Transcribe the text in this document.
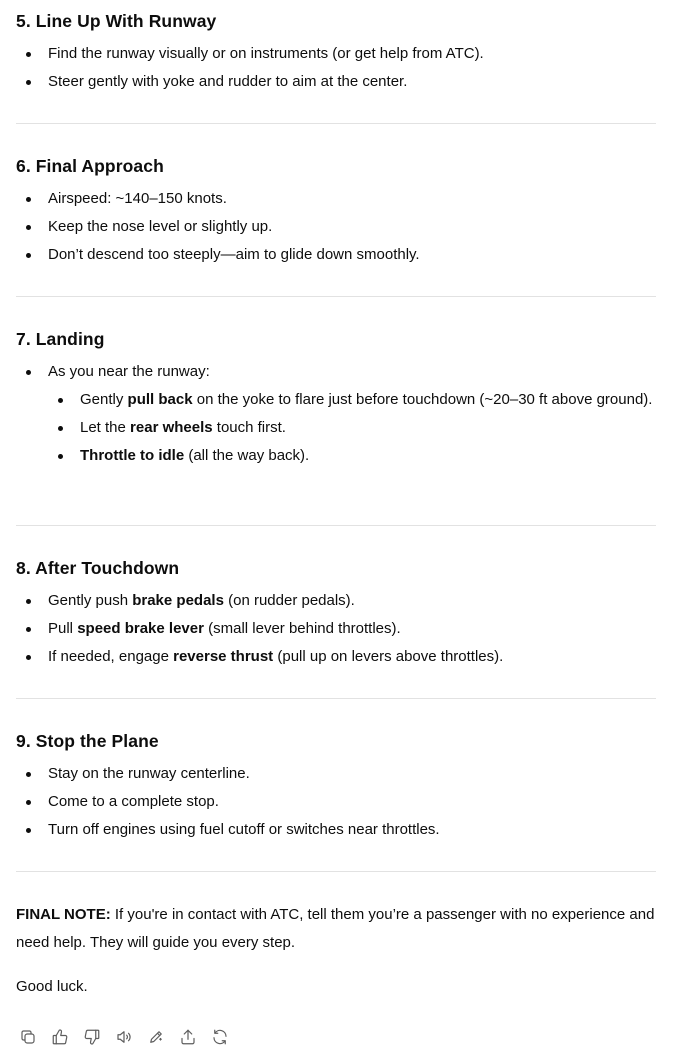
5. Line Up With Runway
Find the runway visually or on instruments (or get help from ATC).
Steer gently with yoke and rudder to aim at the center.
6. Final Approach
Airspeed: ~140–150 knots.
Keep the nose level or slightly up.
Don’t descend too steeply—aim to glide down smoothly.
7. Landing
As you near the runway:
Gently pull back on the yoke to flare just before touchdown (~20–30 ft above ground).
Let the rear wheels touch first.
Throttle to idle (all the way back).
8. After Touchdown
Gently push brake pedals (on rudder pedals).
Pull speed brake lever (small lever behind throttles).
If needed, engage reverse thrust (pull up on levers above throttles).
9. Stop the Plane
Stay on the runway centerline.
Come to a complete stop.
Turn off engines using fuel cutoff or switches near throttles.

FINAL NOTE: If you're in contact with ATC, tell them you’re a passenger with no experience and need help. They will guide you every step.

Good luck.
